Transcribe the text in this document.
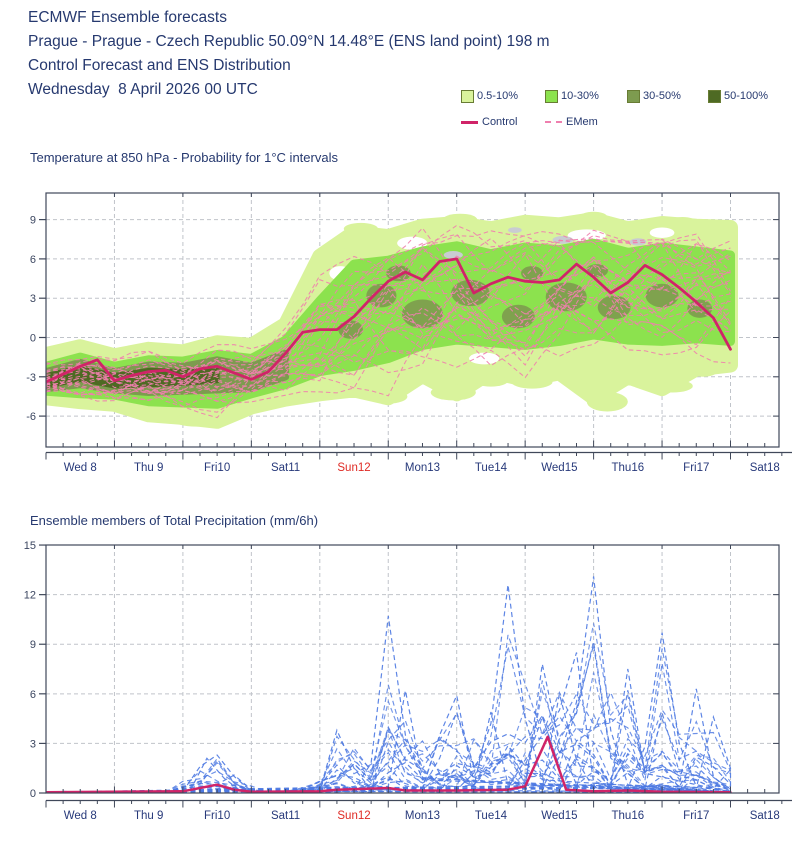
ECMWF Ensemble forecasts
Prague - Prague - Czech Republic 50.09°N 14.48°E (ENS land point) 198 m
Control Forecast and ENS Distribution
Wednesday  8 April 2026 00 UTC	0.5-10%	10-30%	30-50%	50-100%
Control	EMem
Temperature at 850 hPa - Probability for 1°C intervals
Ensemble members of Total Precipitation (mm/6h)
-6
-3
0
3
6
9
Wed 8	Thu 9	Fri10	Sat11	Sun12	Mon13	Tue14	Wed15	Thu16	Fri17	Sat18
0
3
6
9
12
15
Wed 8	Thu 9	Fri10	Sat11	Sun12	Mon13	Tue14	Wed15	Thu16	Fri17	Sat18
